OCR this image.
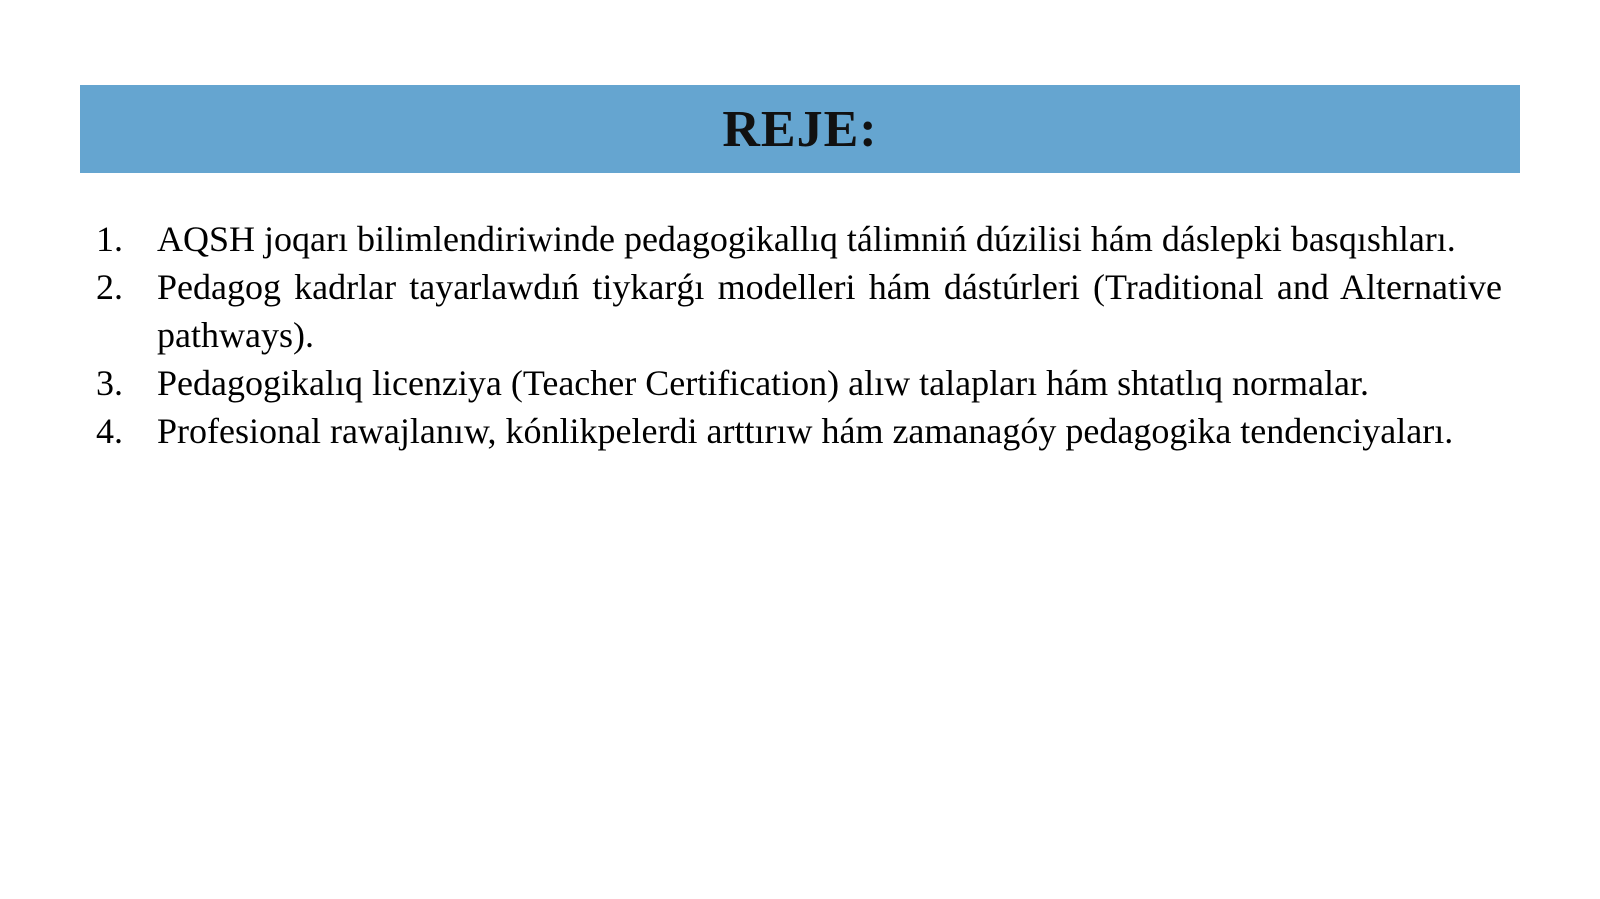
REJE:
1. AQSH joqarı bilimlendiriwinde pedagogikallıq tálimniń dúzilisi hám dáslepki basqıshları.
2. Pedagog kadrlar tayarlawdıń tiykarǵı modelleri hám dástúrleri (Traditional and Alternative pathways).
3. Pedagogikalıq licenziya (Teacher Certification) alıw talapları hám shtatlıq normalar.
4. Profesional rawajlanıw, kónlikpelerdi arttırıw hám zamanagóy pedagogika tendenciyaları.
